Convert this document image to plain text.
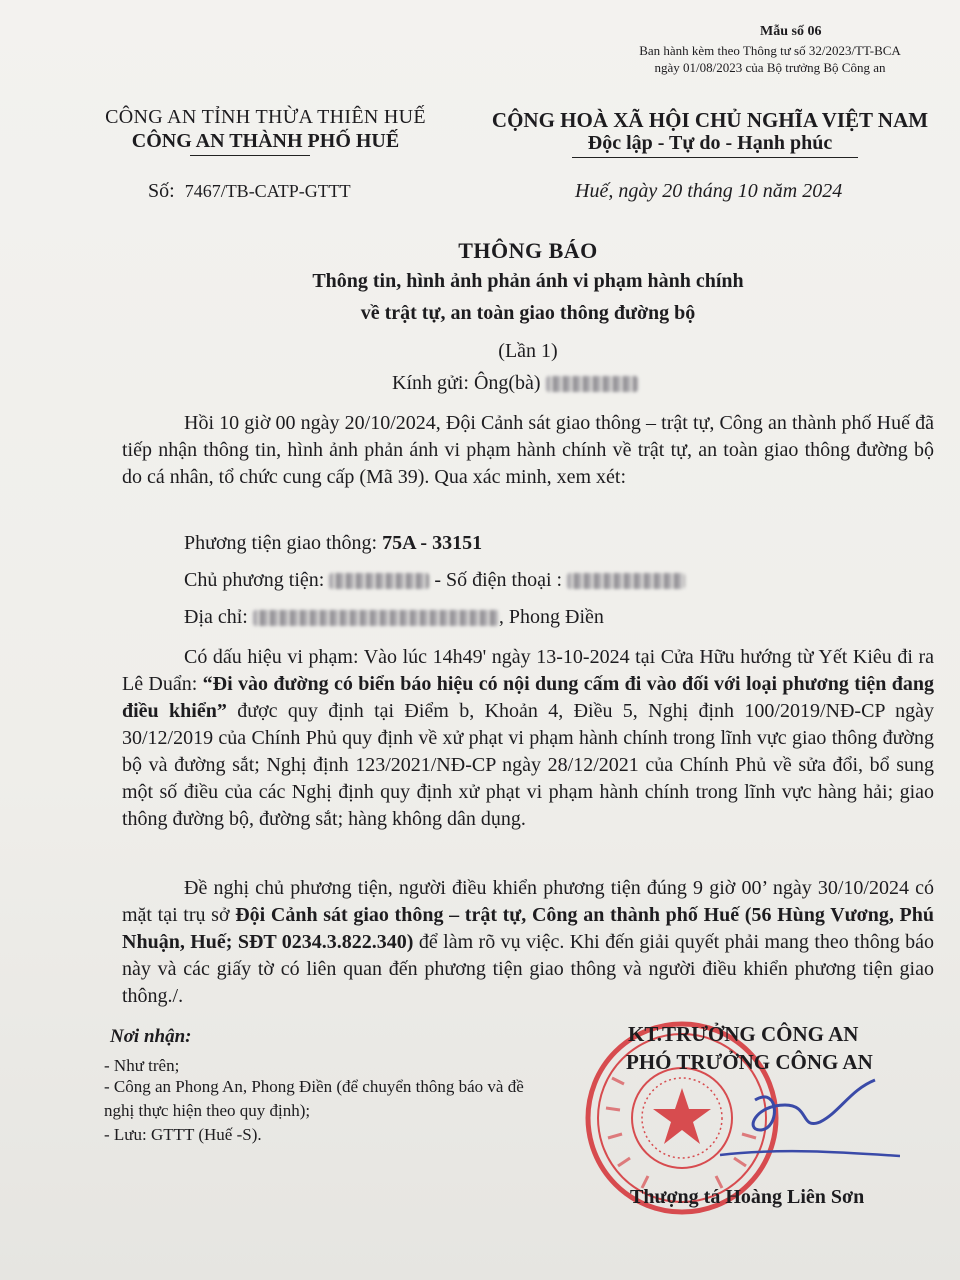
Mẫu số 06
Ban hành kèm theo Thông tư số 32/2023/TT-BCA
ngày 01/08/2023 của Bộ trưởng Bộ Công an
CÔNG AN TỈNH THỪA THIÊN HUẾ
CÔNG AN THÀNH PHỐ HUẾ
CỘNG HOÀ XÃ HỘI CHỦ NGHĨA VIỆT NAM
Độc lập - Tự do - Hạnh phúc
Số: 7467/TB-CATP-GTTT	Huế, ngày 20 tháng 10 năm 2024
THÔNG BÁO
Thông tin, hình ảnh phản ánh vi phạm hành chính
về trật tự, an toàn giao thông đường bộ
(Lần 1)
Kính gửi: Ông(bà)
Hồi 10 giờ 00 ngày 20/10/2024, Đội Cảnh sát giao thông – trật tự, Công an thành phố Huế đã tiếp nhận thông tin, hình ảnh phản ánh vi phạm hành chính về trật tự, an toàn giao thông đường bộ do cá nhân, tổ chức cung cấp (Mã 39). Qua xác minh, xem xét:
Phương tiện giao thông: 75A - 33151
Chủ phương tiện:	- Số điện thoại :
Địa chỉ:	, Phong Điền
Có dấu hiệu vi phạm: Vào lúc 14h49' ngày 13-10-2024 tại Cửa Hữu hướng từ Yết Kiêu đi ra Lê Duẩn: “Đi vào đường có biển báo hiệu có nội dung cấm đi vào đối với loại phương tiện đang điều khiển” được quy định tại Điểm b, Khoản 4, Điều 5, Nghị định 100/2019/NĐ-CP ngày 30/12/2019 của Chính Phủ quy định về xử phạt vi phạm hành chính trong lĩnh vực giao thông đường bộ và đường sắt; Nghị định 123/2021/NĐ-CP ngày 28/12/2021 của Chính Phủ về sửa đổi, bổ sung một số điều của các Nghị định quy định xử phạt vi phạm hành chính trong lĩnh vực hàng hải; giao thông đường bộ, đường sắt; hàng không dân dụng.
Đề nghị chủ phương tiện, người điều khiển phương tiện đúng 9 giờ 00’ ngày 30/10/2024 có mặt tại trụ sở Đội Cảnh sát giao thông – trật tự, Công an thành phố Huế (56 Hùng Vương, Phú Nhuận, Huế; SĐT 0234.3.822.340) để làm rõ vụ việc. Khi đến giải quyết phải mang theo thông báo này và các giấy tờ có liên quan đến phương tiện giao thông và người điều khiển phương tiện giao thông./.
Nơi nhận:
- Như trên;
- Công an Phong An, Phong Điền (để chuyển thông báo và đề nghị thực hiện theo quy định);
- Lưu: GTTT (Huế -S).
KT.TRƯỞNG CÔNG AN
PHÓ TRƯỞNG CÔNG AN
Thượng tá Hoàng Liên Sơn
